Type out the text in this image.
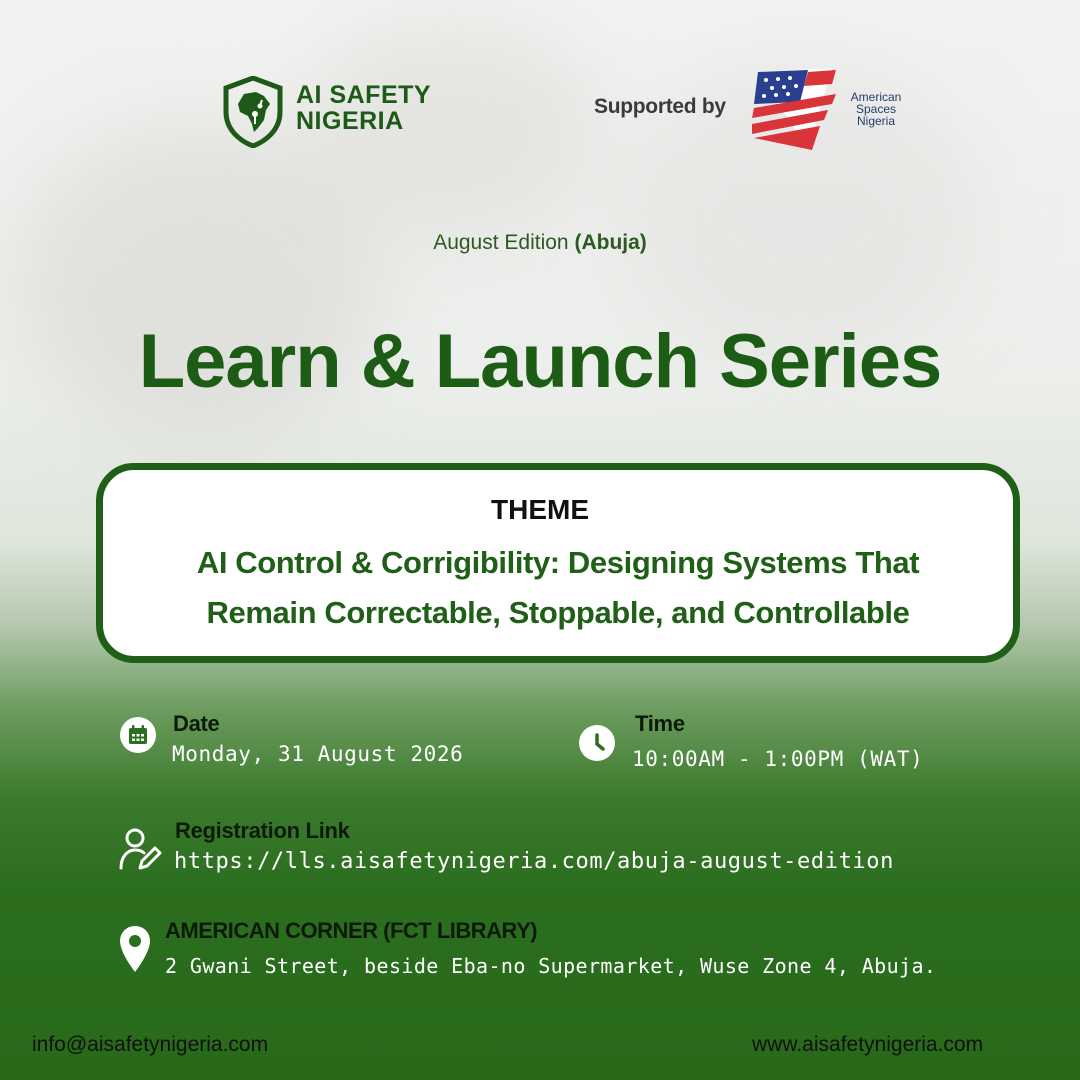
AI SAFETY
NIGERIA
Supported by	American
Spaces
Nigeria
August Edition (Abuja)
Learn & Launch Series
THEME
AI Control & Corrigibility: Designing Systems That
Remain Correctable, Stoppable, and Controllable
Date
Monday, 31 August 2026
Time
10:00AM - 1:00PM (WAT)
Registration Link
https://lls.aisafetynigeria.com/abuja-august-edition
AMERICAN CORNER (FCT LIBRARY)
2 Gwani Street, beside Eba-no Supermarket, Wuse Zone 4, Abuja.
info@aisafetynigeria.com	www.aisafetynigeria.com
